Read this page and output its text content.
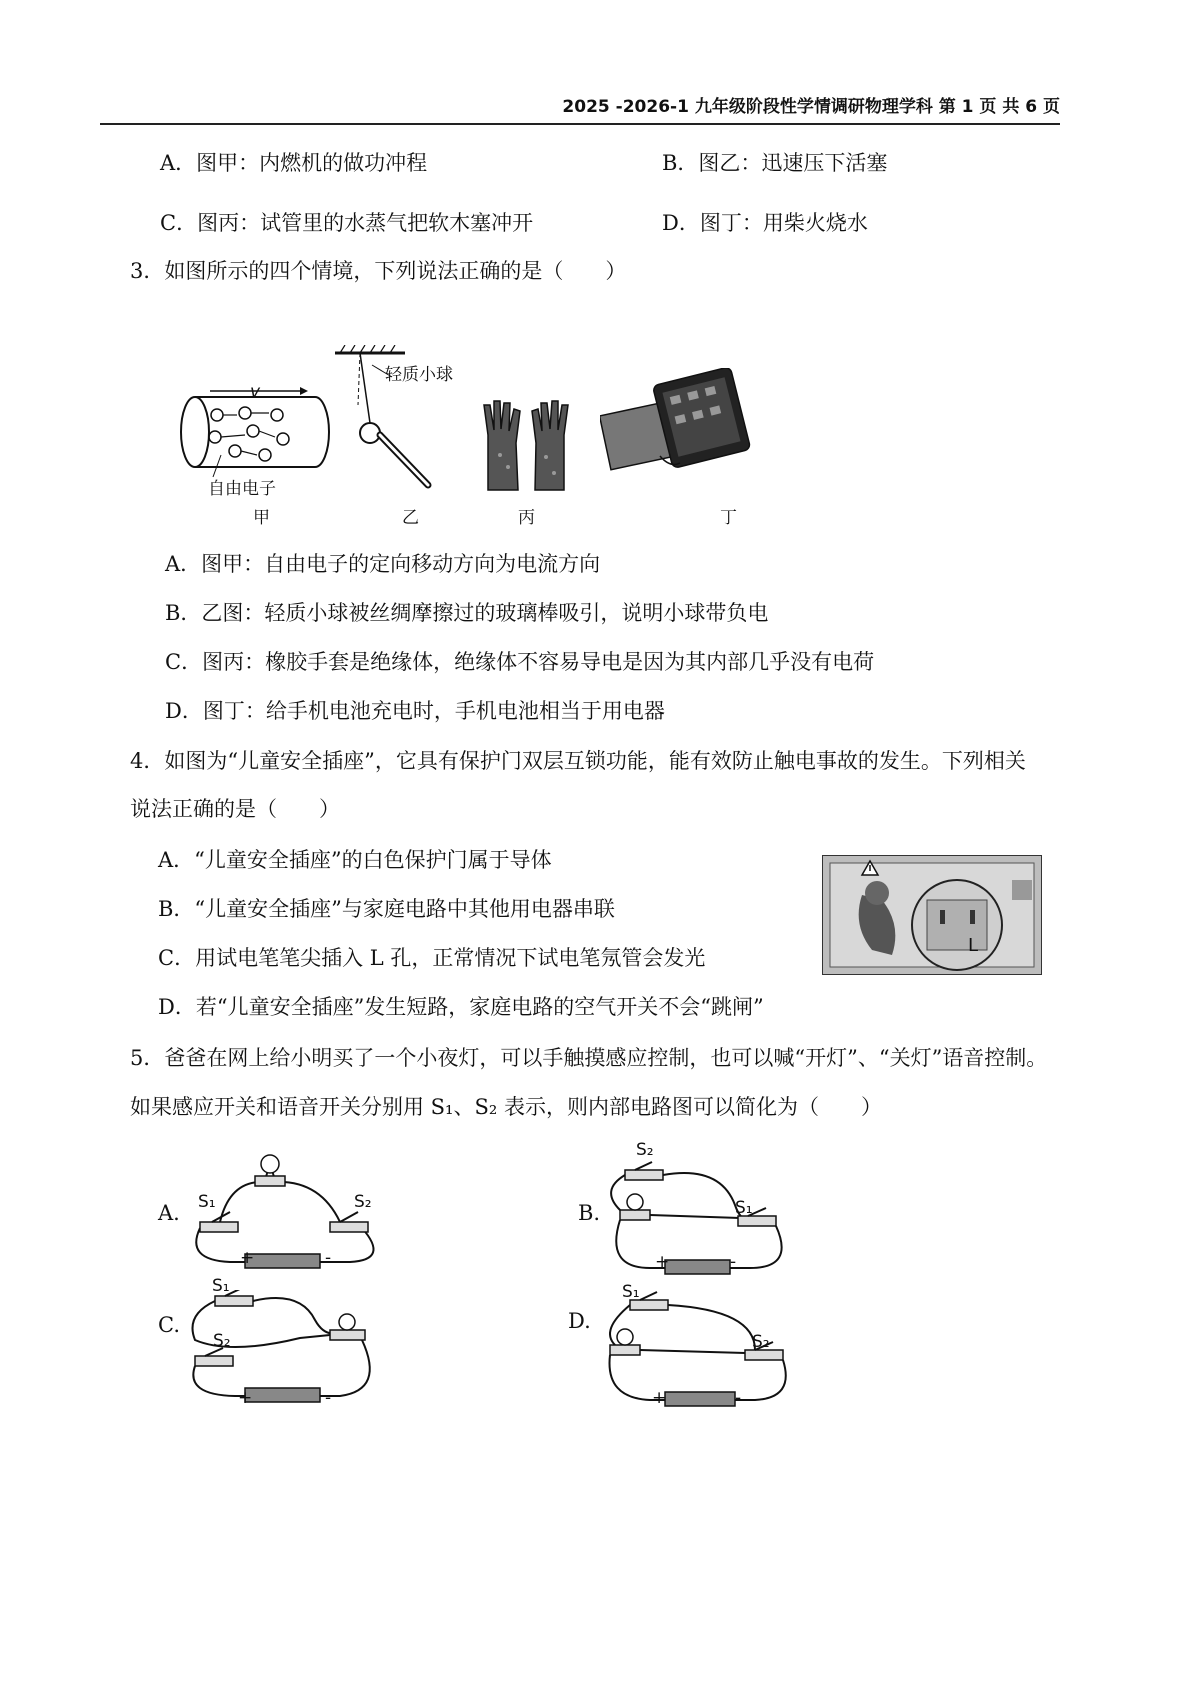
2025 -2026-1 九年级阶段性学情调研物理学科 第 1 页 共 6 页
A．图甲：内燃机的做功冲程	B．图乙：迅速压下活塞
C．图丙：试管里的水蒸气把软木塞冲开	D．图丁：用柴火烧水
3．如图所示的四个情境，下列说法正确的是（　　）
v
自由电子
甲
轻质小球
乙	丙	丁
A．图甲：自由电子的定向移动方向为电流方向
B．乙图：轻质小球被丝绸摩擦过的玻璃棒吸引，说明小球带负电
C．图丙：橡胶手套是绝缘体，绝缘体不容易导电是因为其内部几乎没有电荷
D．图丁：给手机电池充电时，手机电池相当于用电器
4．如图为“儿童安全插座”，它具有保护门双层互锁功能，能有效防止触电事故的发生。下列相关
说法正确的是（　　）
A．“儿童安全插座”的白色保护门属于导体
B．“儿童安全插座”与家庭电路中其他用电器串联
C．用试电笔笔尖插入 L 孔，正常情况下试电笔氖管会发光
D．若“儿童安全插座”发生短路，家庭电路的空气开关不会“跳闸”
L
5．爸爸在网上给小明买了一个小夜灯，可以手触摸感应控制，也可以喊“开灯”、“关灯”语音控制。
如果感应开关和语音开关分别用 S₁、S₂ 表示，则内部电路图可以简化为（　　）
A. S₁	S₂
+	-
B.
S₂
S₁
+	-
C.
S₁
S₂
+	-
D.
S₁
S₂
+	-
